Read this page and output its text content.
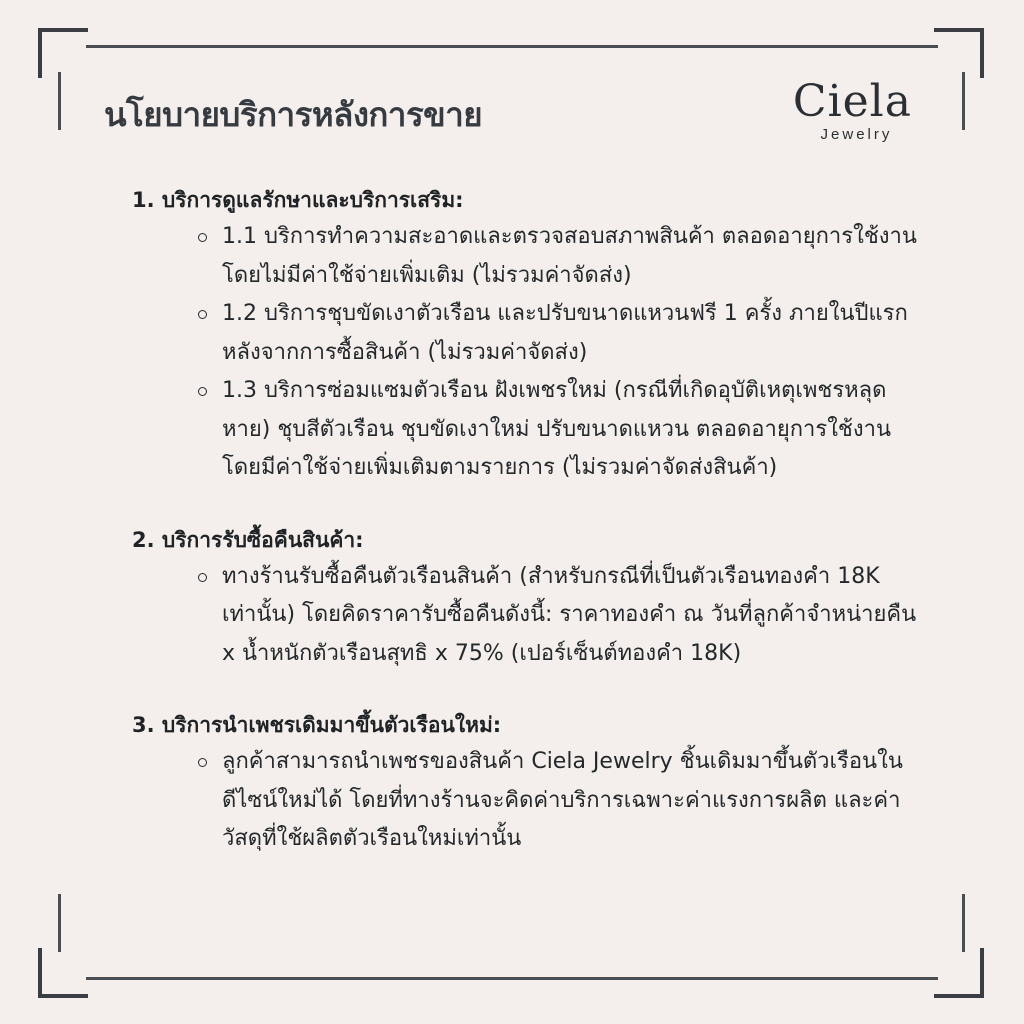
นโยบายบริการหลังการขาย	Ciela
Jewelry
1. บริการดูแลรักษาและบริการเสริม:
1.1 บริการทำความสะอาดและตรวจสอบสภาพสินค้า ตลอดอายุการใช้งาน โดยไม่มีค่าใช้จ่ายเพิ่มเติม (ไม่รวมค่าจัดส่ง)
1.2 บริการชุบขัดเงาตัวเรือน และปรับขนาดแหวนฟรี 1 ครั้ง ภายในปีแรกหลังจากการซื้อสินค้า (ไม่รวมค่าจัดส่ง)
1.3 บริการซ่อมแซมตัวเรือน ฝังเพชรใหม่ (กรณีที่เกิดอุบัติเหตุเพชรหลุดหาย) ชุบสีตัวเรือน ชุบขัดเงาใหม่ ปรับขนาดแหวน ตลอดอายุการใช้งาน โดยมีค่าใช้จ่ายเพิ่มเติมตามรายการ (ไม่รวมค่าจัดส่งสินค้า)
2. บริการรับซื้อคืนสินค้า:
ทางร้านรับซื้อคืนตัวเรือนสินค้า (สำหรับกรณีที่เป็นตัวเรือนทองคำ 18K เท่านั้น) โดยคิดราคารับซื้อคืนดังนี้: ราคาทองคำ ณ วันที่ลูกค้าจำหน่ายคืน x น้ำหนักตัวเรือนสุทธิ x 75% (เปอร์เซ็นต์ทองคำ 18K)
3. บริการนำเพชรเดิมมาขึ้นตัวเรือนใหม่:
ลูกค้าสามารถนำเพชรของสินค้า Ciela Jewelry ชิ้นเดิมมาขึ้นตัวเรือนในดีไซน์ใหม่ได้ โดยที่ทางร้านจะคิดค่าบริการเฉพาะค่าแรงการผลิต และค่าวัสดุที่ใช้ผลิตตัวเรือนใหม่เท่านั้น
